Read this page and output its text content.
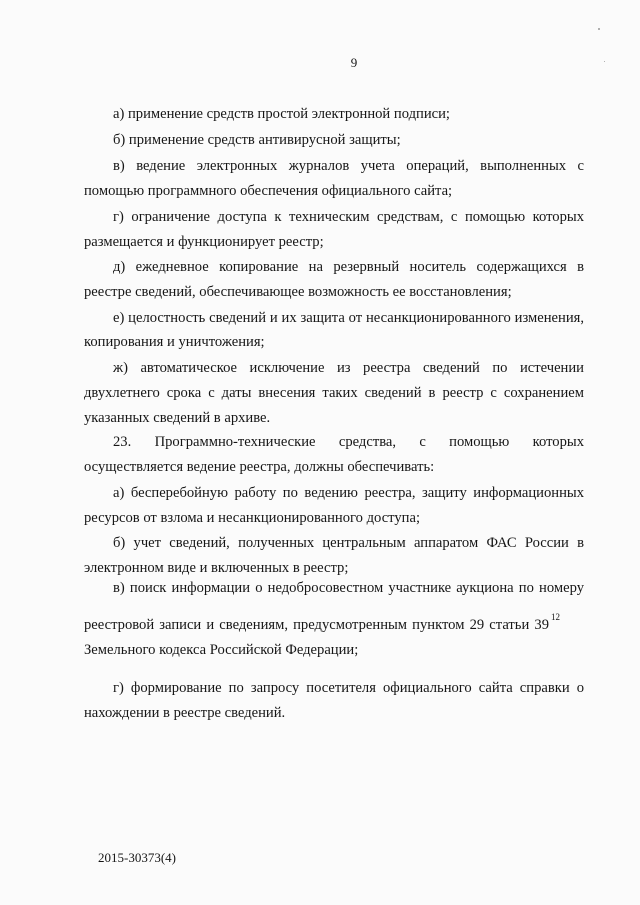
9
а) применение средств простой электронной подписи;
б) применение средств антивирусной защиты;
в) ведение электронных журналов учета операций, выполненных с
помощью программного обеспечения официального сайта;
г) ограничение доступа к техническим средствам, с помощью которых
размещается и функционирует реестр;
д) ежедневное копирование на резервный носитель содержащихся в
реестре сведений, обеспечивающее возможность ее восстановления;
е) целостность сведений и их защита от несанкционированного изменения,
копирования и уничтожения;
ж) автоматическое исключение из реестра сведений по истечении
двухлетнего срока с даты внесения таких сведений в реестр с сохранением
указанных сведений в архиве.
23. Программно-технические средства, с помощью которых
осуществляется ведение реестра, должны обеспечивать:
а) бесперебойную работу по ведению реестра, защиту информационных
ресурсов от взлома и несанкционированного доступа;
б) учет сведений, полученных центральным аппаратом ФАС России в
электронном виде и включенных в реестр;
в) поиск информации о недобросовестном участнике аукциона по номеру
реестровой записи и сведениям, предусмотренным пунктом 29 статьи 39 12
Земельного кодекса Российской Федерации;
г) формирование по запросу посетителя официального сайта справки о
нахождении в реестре сведений.
2015-30373(4)
